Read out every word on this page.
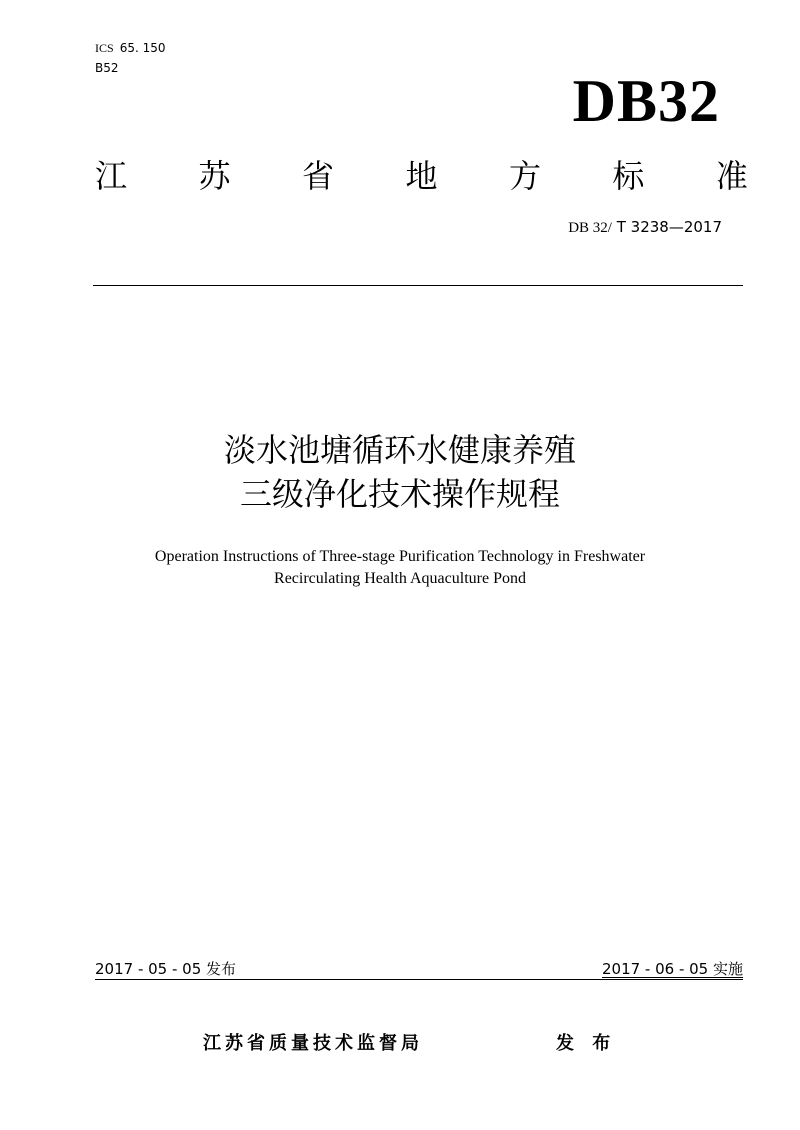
ICS 65. 150
B52	DB32
江 苏 省 地 方 标 准
DB 32/ T 3238—2017
淡水池塘循环水健康养殖
三级净化技术操作规程
Operation Instructions of Three-stage Purification Technology in Freshwater
Recirculating Health Aquaculture Pond
2017 - 05 - 05 发布	2017 - 06 - 05 实施
江苏省质量技术监督局	发 布
